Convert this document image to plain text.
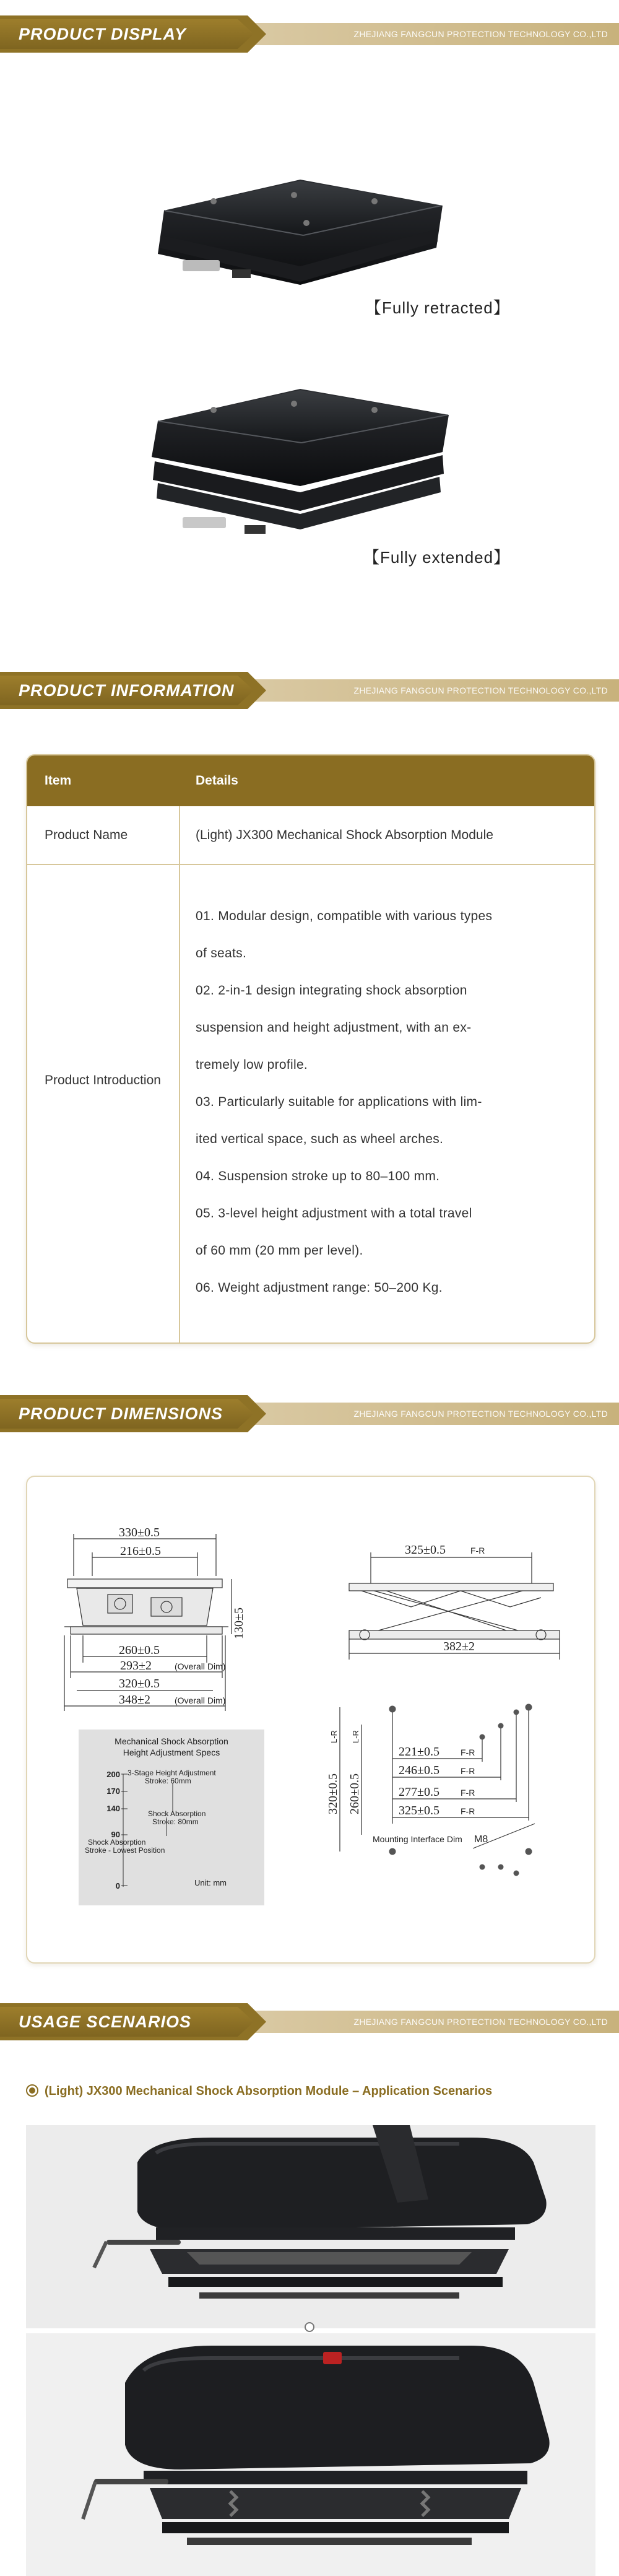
PRODUCT DISPLAY	ZHEJIANG FANGCUN PROTECTION TECHNOLOGY CO.,LTD
【Fully retracted】
【Fully extended】
PRODUCT INFORMATION	ZHEJIANG FANGCUN PROTECTION TECHNOLOGY CO.,LTD
Item	Details
Product Name	(Light) JX300 Mechanical Shock Absorption Module
Product Introduction

01. Modular design, compatible with various types

of seats.

02. 2-in-1 design integrating shock absorption

suspension and height adjustment, with an ex-

tremely low profile.

03. Particularly suitable for applications with lim-

ited vertical space, such as wheel arches.

04. Suspension stroke up to 80–100 mm.

05. 3-level height adjustment with a total travel

of 60 mm (20 mm per level).

06. Weight adjustment range: 50–200 Kg.

PRODUCT DIMENSIONS	ZHEJIANG FANGCUN PROTECTION TECHNOLOGY CO.,LTD
330±0.5
216±0.5
260±0.5
293±2
320±0.5
348±2
325±0.5
382±2
221±0.5
246±0.5
277±0.5
325±0.5
(Overall Dim)
(Overall Dim)
F-R
F-R
F-R
F-R
F-R
Mounting Interface Dim M8
130±5
320±0.5 260±0.5
L-R L-R
Mechanical Shock Absorption
Height Adjustment Specs
200
170
140
90
0
3-Stage Height Adjustment
Stroke: 60mm
Shock Absorption
Stroke: 80mm
Shock Absorption
Stroke - Lowest Position
Unit: mm
USAGE SCENARIOS	ZHEJIANG FANGCUN PROTECTION TECHNOLOGY CO.,LTD
(Light) JX300 Mechanical Shock Absorption Module – Application Scenarios
